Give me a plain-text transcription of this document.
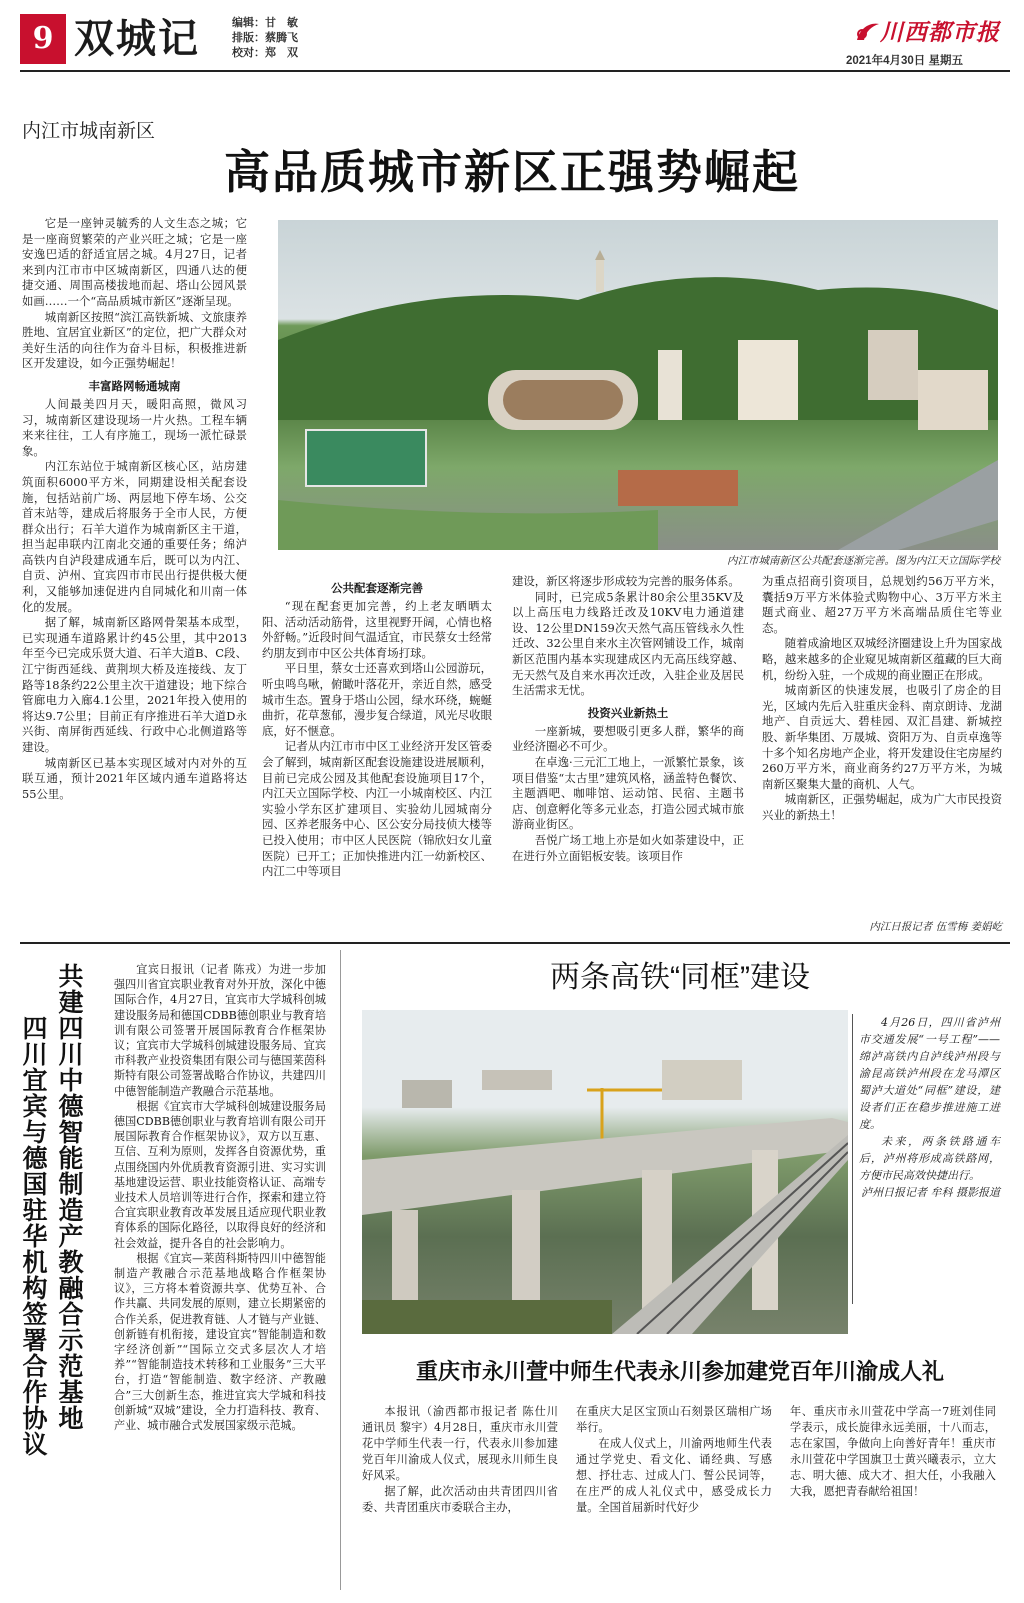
9 双城记	编辑：甘　敏
排版：蔡腾飞
校对：郑　双
川西都市报
2021年4月30日 星期五
内江市城南新区
高品质城市新区正强势崛起

它是一座钟灵毓秀的人文生态之城；它是一座商贸繁荣的产业兴旺之城；它是一座安逸巴适的舒适宜居之城。4月27日，记者来到内江市市中区城南新区，四通八达的便捷交通、周围高楼拔地而起、塔山公园风景如画……一个“高品质城市新区”逐渐呈现。

城南新区按照“滨江高铁新城、文旅康养胜地、宜居宜业新区”的定位，把广大群众对美好生活的向往作为奋斗目标，积极推进新区开发建设，如今正强势崛起！

丰富路网畅通城南

人间最美四月天，暖阳高照，微风习习，城南新区建设现场一片火热。工程车辆来来往往，工人有序施工，现场一派忙碌景象。

内江东站位于城南新区核心区，站房建筑面积6000平方米，同期建设相关配套设施，包括站前广场、两层地下停车场、公交首末站等，建成后将服务于全市人民，方便群众出行；石羊大道作为城南新区主干道，担当起串联内江南北交通的重要任务；绵泸高铁内自泸段建成通车后，既可以为内江、自贡、泸州、宜宾四市市民出行提供极大便利，又能够加速促进内自同城化和川南一体化的发展。

据了解，城南新区路网骨架基本成型，已实现通车道路累计约45公里，其中2013年至今已完成乐贤大道、石羊大道B、C段、江宁街西延线、黄荆坝大桥及连接线、友丁路等18条约22公里主次干道建设；地下综合管廊电力入廊4.1公里，2021年投入使用的将达9.7公里；目前正有序推进石羊大道D永兴街、南屏街西延线、行政中心北侧道路等建设。

城南新区已基本实现区域对内对外的互联互通，预计2021年区域内通车道路将达55公里。

内江市城南新区公共配套逐渐完善。图为内江天立国际学校
公共配套逐渐完善

“现在配套更加完善，约上老友晒晒太阳、活动活动筋骨，这里视野开阔，心情也格外舒畅。”近段时间气温适宜，市民蔡女士经常约朋友到市中区公共体育场打球。

平日里，蔡女士还喜欢到塔山公园游玩，听虫鸣鸟啾，俯瞰叶落花开，亲近自然，感受城市生态。置身于塔山公园，绿水环绕，蜿蜒曲折，花草葱郁，漫步复合绿道，风光尽收眼底，好不惬意。

记者从内江市市中区工业经济开发区管委会了解到，城南新区配套设施建设进展顺利，目前已完成公园及其他配套设施项目17个，内江天立国际学校、内江一小城南校区、内江实验小学东区扩建项目、实验幼儿园城南分园、区养老服务中心、区公安分局技侦大楼等已投入使用；市中区人民医院（锦欣妇女儿童医院）已开工；正加快推进内江一幼新校区、内江二中等项目

建设，新区将逐步形成较为完善的服务体系。

同时，已完成5条累计80余公里35KV及以上高压电力线路迁改及10KV电力通道建设、12公里DN159次天然气高压管线永久性迁改、32公里自来水主次管网铺设工作，城南新区范围内基本实现建成区内无高压线穿越、无天然气及自来水再次迁改，入驻企业及居民生活需求无忧。

投资兴业新热土

一座新城，要想吸引更多人群，繁华的商业经济圈必不可少。

在卓逸·三元汇工地上，一派繁忙景象，该项目借鉴“太古里”建筑风格，涵盖特色餐饮、主题酒吧、咖啡馆、运动馆、民宿、主题书店、创意孵化等多元业态，打造公园式城市旅游商业街区。

吾悦广场工地上亦是如火如荼建设中，正在进行外立面铝板安装。该项目作

为重点招商引资项目，总规划约56万平方米，囊括9万平方米体验式购物中心、3万平方米主题式商业、超27万平方米高端品质住宅等业态。

随着成渝地区双城经济圈建设上升为国家战略，越来越多的企业窥见城南新区蕴藏的巨大商机，纷纷入驻，一个成规的商业圈正在形成。

城南新区的快速发展，也吸引了房企的目光，区域内先后入驻重庆金科、南京朗诗、龙湖地产、自贡远大、碧桂园、双汇昌建、新城控股、新华集团、万晟城、资阳万为、自贡卓逸等十多个知名房地产企业，将开发建设住宅房屋约260万平方米，商业商务约27万平方米，为城南新区聚集大量的商机、人气。

城南新区，正强势崛起，成为广大市民投资兴业的新热土！

内江日报记者 伍雪梅 姜娟屹
共建四川中德智能制造产教融合示范基地
四川宜宾与德国驻华机构签署合作协议

宜宾日报讯（记者 陈戎）为进一步加强四川省宜宾职业教育对外开放，深化中德国际合作，4月27日，宜宾市大学城科创城建设服务局和德国CDBB德创职业与教育培训有限公司签署开展国际教育合作框架协议；宜宾市大学城科创城建设服务局、宜宾市科教产业投资集团有限公司与德国莱茵科斯特有限公司签署战略合作协议，共建四川中德智能制造产教融合示范基地。

根据《宜宾市大学城科创城建设服务局德国CDBB德创职业与教育培训有限公司开展国际教育合作框架协议》，双方以互惠、互信、互利为原则，发挥各自资源优势，重点围绕国内外优质教育资源引进、实习实训基地建设运营、职业技能资格认证、高端专业技术人员培训等进行合作，探索和建立符合宜宾职业教育改革发展且适应现代职业教育体系的国际化路径，以取得良好的经济和社会效益，提升各自的社会影响力。

根据《宜宾—莱茵科斯特四川中德智能制造产教融合示范基地战略合作框架协议》，三方将本着资源共享、优势互补、合作共赢、共同发展的原则，建立长期紧密的合作关系，促进教育链、人才链与产业链、创新链有机衔接，建设宜宾“智能制造和数字经济创新”“国际立交式多层次人才培养”“智能制造技术转移和工业服务”三大平台，打造“智能制造、数字经济、产教融合”三大创新生态，推进宜宾大学城和科技创新城“双城”建设，全力打造科技、教育、产业、城市融合式发展国家级示范城。

两条高铁“同框”建设

4月26日，四川省泸州市交通发展“一号工程”——绵泸高铁内自泸线泸州段与渝昆高铁泸州段在龙马潭区蜀泸大道处“同框”建设，建设者们正在稳步推进施工进度。

未来，两条铁路通车后，泸州将形成高铁路网，方便市民高效快捷出行。

泸州日报记者 牟科 摄影报道

重庆市永川萱中师生代表永川参加建党百年川渝成人礼

本报讯（渝西都市报记者 陈仕川 通讯员 黎宇）4月28日，重庆市永川萱花中学师生代表一行，代表永川参加建党百年川渝成人仪式，展现永川师生良好风采。

据了解，此次活动由共青团四川省委、共青团重庆市委联合主办，

在重庆大足区宝顶山石刻景区瑞相广场举行。

在成人仪式上，川渝两地师生代表通过学党史、看文化、诵经典、写感想、抒壮志、过成人门、誓公民词等，在庄严的成人礼仪式中，感受成长力量。全国首届新时代好少

年、重庆市永川萱花中学高一7班刘佳同学表示，成长旋律永远美丽，十八而志，志在家国，争做向上向善好青年！重庆市永川萱花中学国旗卫士黄兴曦表示，立大志、明大德、成大才、担大任，小我融入大我，愿把青春献给祖国！
